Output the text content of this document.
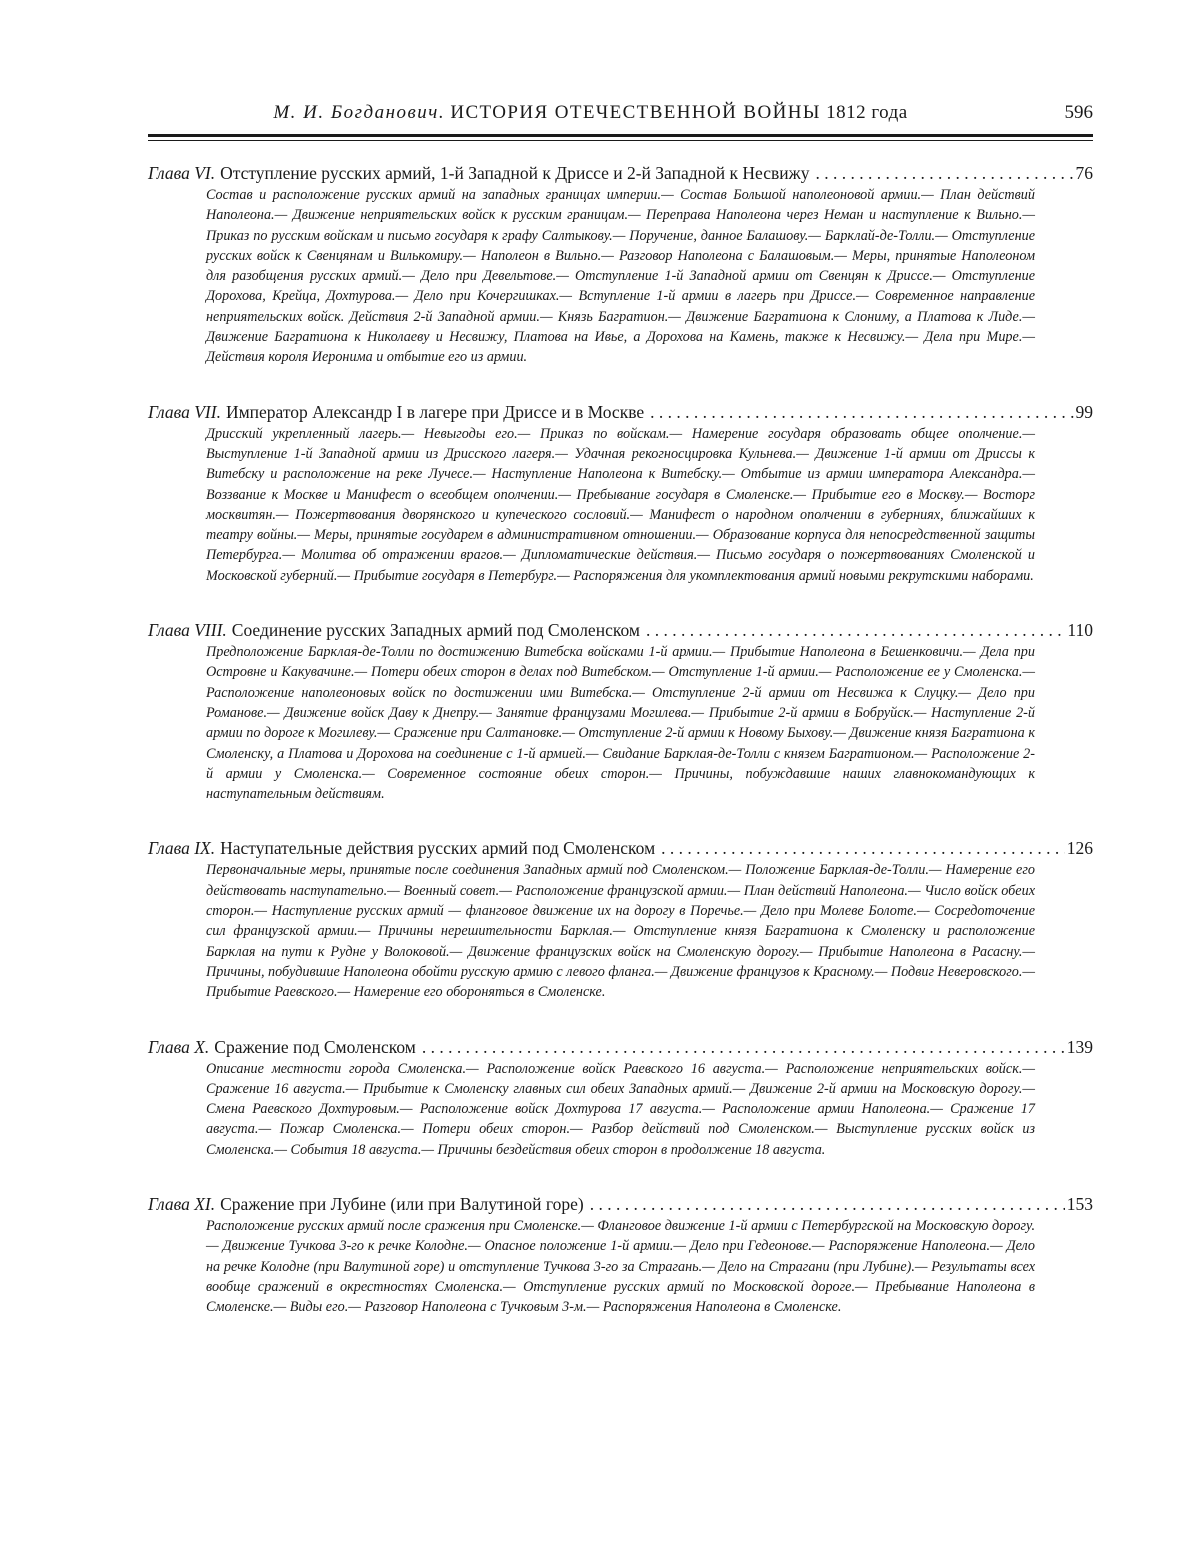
М. И. Богданович. ИСТОРИЯ ОТЕЧЕСТВЕННОЙ ВОЙНЫ 1812 года	596
Глава VI. Отступление русских армий, 1-й Западной к Дриссе и 2-й Западной к Несвижу . . .	76
Состав и расположение русских армий на западных границах империи.— Состав Большой наполеоновой армии.— План действий Наполеона.— Движение неприятельских войск к русским границам.— Переправа Наполеона через Неман и наступление к Вильно.— Приказ по русским войскам и письмо государя к графу Салтыкову.— Поручение, данное Балашову.— Барклай-де-Толли.— Отступление русских войск к Свенцянам и Вилькомиру.— Наполеон в Вильно.— Разговор Наполеона с Балашовым.— Меры, принятые Наполеоном для разобщения русских армий.— Дело при Девельтове.— Отступление 1-й Западной армии от Свенцян к Дриссе.— Отступление Дорохова, Крейца, Дохтурова.— Дело при Кочергишках.— Вступление 1-й армии в лагерь при Дриссе.— Современное направление неприятельских войск. Действия 2-й Западной армии.— Князь Багратион.— Движение Багратиона к Слониму, а Платова к Лиде.— Движение Багратиона к Николаеву и Несвижу, Платова на Ивье, а Дорохова на Камень, также к Несвижу.— Дела при Мире.— Действия короля Иеронима и отбытие его из армии.
Глава VII. Император Александр I в лагере при Дриссе и в Москве . . .	99
Дрисский укрепленный лагерь.— Невыгоды его.— Приказ по войскам.— Намерение государя образовать общее ополчение.— Выступление 1-й Западной армии из Дрисского лагеря.— Удачная рекогносцировка Кульнева.— Движение 1-й армии от Дриссы к Витебску и расположение на реке Лучесе.— Наступление Наполеона к Витебску.— Отбытие из армии императора Александра.— Воззвание к Москве и Манифест о всеобщем ополчении.— Пребывание государя в Смоленске.— Прибытие его в Москву.— Восторг москвитян.— Пожертвования дворянского и купеческого сословий.— Манифест о народном ополчении в губерниях, ближайших к театру войны.— Меры, принятые государем в административном отношении.— Образование корпуса для непосредственной защиты Петербурга.— Молитва об отражении врагов.— Дипломатические действия.— Письмо государя о пожертвованиях Смоленской и Московской губерний.— Прибытие государя в Петербург.— Распоряжения для укомплектования армий новыми рекрутскими наборами.
Глава VIII. Соединение русских Западных армий под Смоленском . . .	110
Предположение Барклая-де-Толли по достижению Витебска войсками 1-й армии.— Прибытие Наполеона в Бешенковичи.— Дела при Островне и Какувачине.— Потери обеих сторон в делах под Витебском.— Отступление 1-й армии.— Расположение ее у Смоленска.— Расположение наполеоновых войск по достижении ими Витебска.— Отступление 2-й армии от Несвижа к Слуцку.— Дело при Романове.— Движение войск Даву к Днепру.— Занятие французами Могилева.— Прибытие 2-й армии в Бобруйск.— Наступление 2-й армии по дороге к Могилеву.— Сражение при Салтановке.— Отступление 2-й армии к Новому Быхову.— Движение князя Багратиона к Смоленску, а Платова и Дорохова на соединение с 1-й армией.— Свидание Барклая-де-Толли с князем Багратионом.— Расположение 2-й армии у Смоленска.— Современное состояние обеих сторон.— Причины, побуждавшие наших главнокомандующих к наступательным действиям.
Глава IX. Наступательные действия русских армий под Смоленском . . .	126
Первоначальные меры, принятые после соединения Западных армий под Смоленском.— Положение Барклая-де-Толли.— Намерение его действовать наступательно.— Военный совет.— Расположение французской армии.— План действий Наполеона.— Число войск обеих сторон.— Наступление русских армий — фланговое движение их на дорогу в Поречье.— Дело при Молеве Болоте.— Сосредоточение сил французской армии.— Причины нерешительности Барклая.— Отступление князя Багратиона к Смоленску и расположение Барклая на пути к Рудне у Волоковой.— Движение французских войск на Смоленскую дорогу.— Прибытие Наполеона в Расасну.— Причины, побудившие Наполеона обойти русскую армию с левого фланга.— Движение французов к Красному.— Подвиг Неверовского.— Прибытие Раевского.— Намерение его обороняться в Смоленске.
Глава X. Сражение под Смоленском . . .	139
Описание местности города Смоленска.— Расположение войск Раевского 16 августа.— Расположение неприятельских войск.— Сражение 16 августа.— Прибытие к Смоленску главных сил обеих Западных армий.— Движение 2-й армии на Московскую дорогу.— Смена Раевского Дохтуровым.— Расположение войск Дохтурова 17 августа.— Расположение армии Наполеона.— Сражение 17 августа.— Пожар Смоленска.— Потери обеих сторон.— Разбор действий под Смоленском.— Выступление русских войск из Смоленска.— События 18 августа.— Причины бездействия обеих сторон в продолжение 18 августа.
Глава XI. Сражение при Лубине (или при Валутиной горе) . . .	153
Расположение русских армий после сражения при Смоленске.— Фланговое движение 1-й армии с Петербургской на Московскую дорогу.— Движение Тучкова 3-го к речке Колодне.— Опасное положение 1-й армии.— Дело при Гедеонове.— Распоряжение Наполеона.— Дело на речке Колодне (при Валутиной горе) и отступление Тучкова 3-го за Страгань.— Дело на Страгани (при Лубине).— Результаты всех вообще сражений в окрестностях Смоленска.— Отступление русских армий по Московской дороге.— Пребывание Наполеона в Смоленске.— Виды его.— Разговор Наполеона с Тучковым 3-м.— Распоряжения Наполеона в Смоленске.
